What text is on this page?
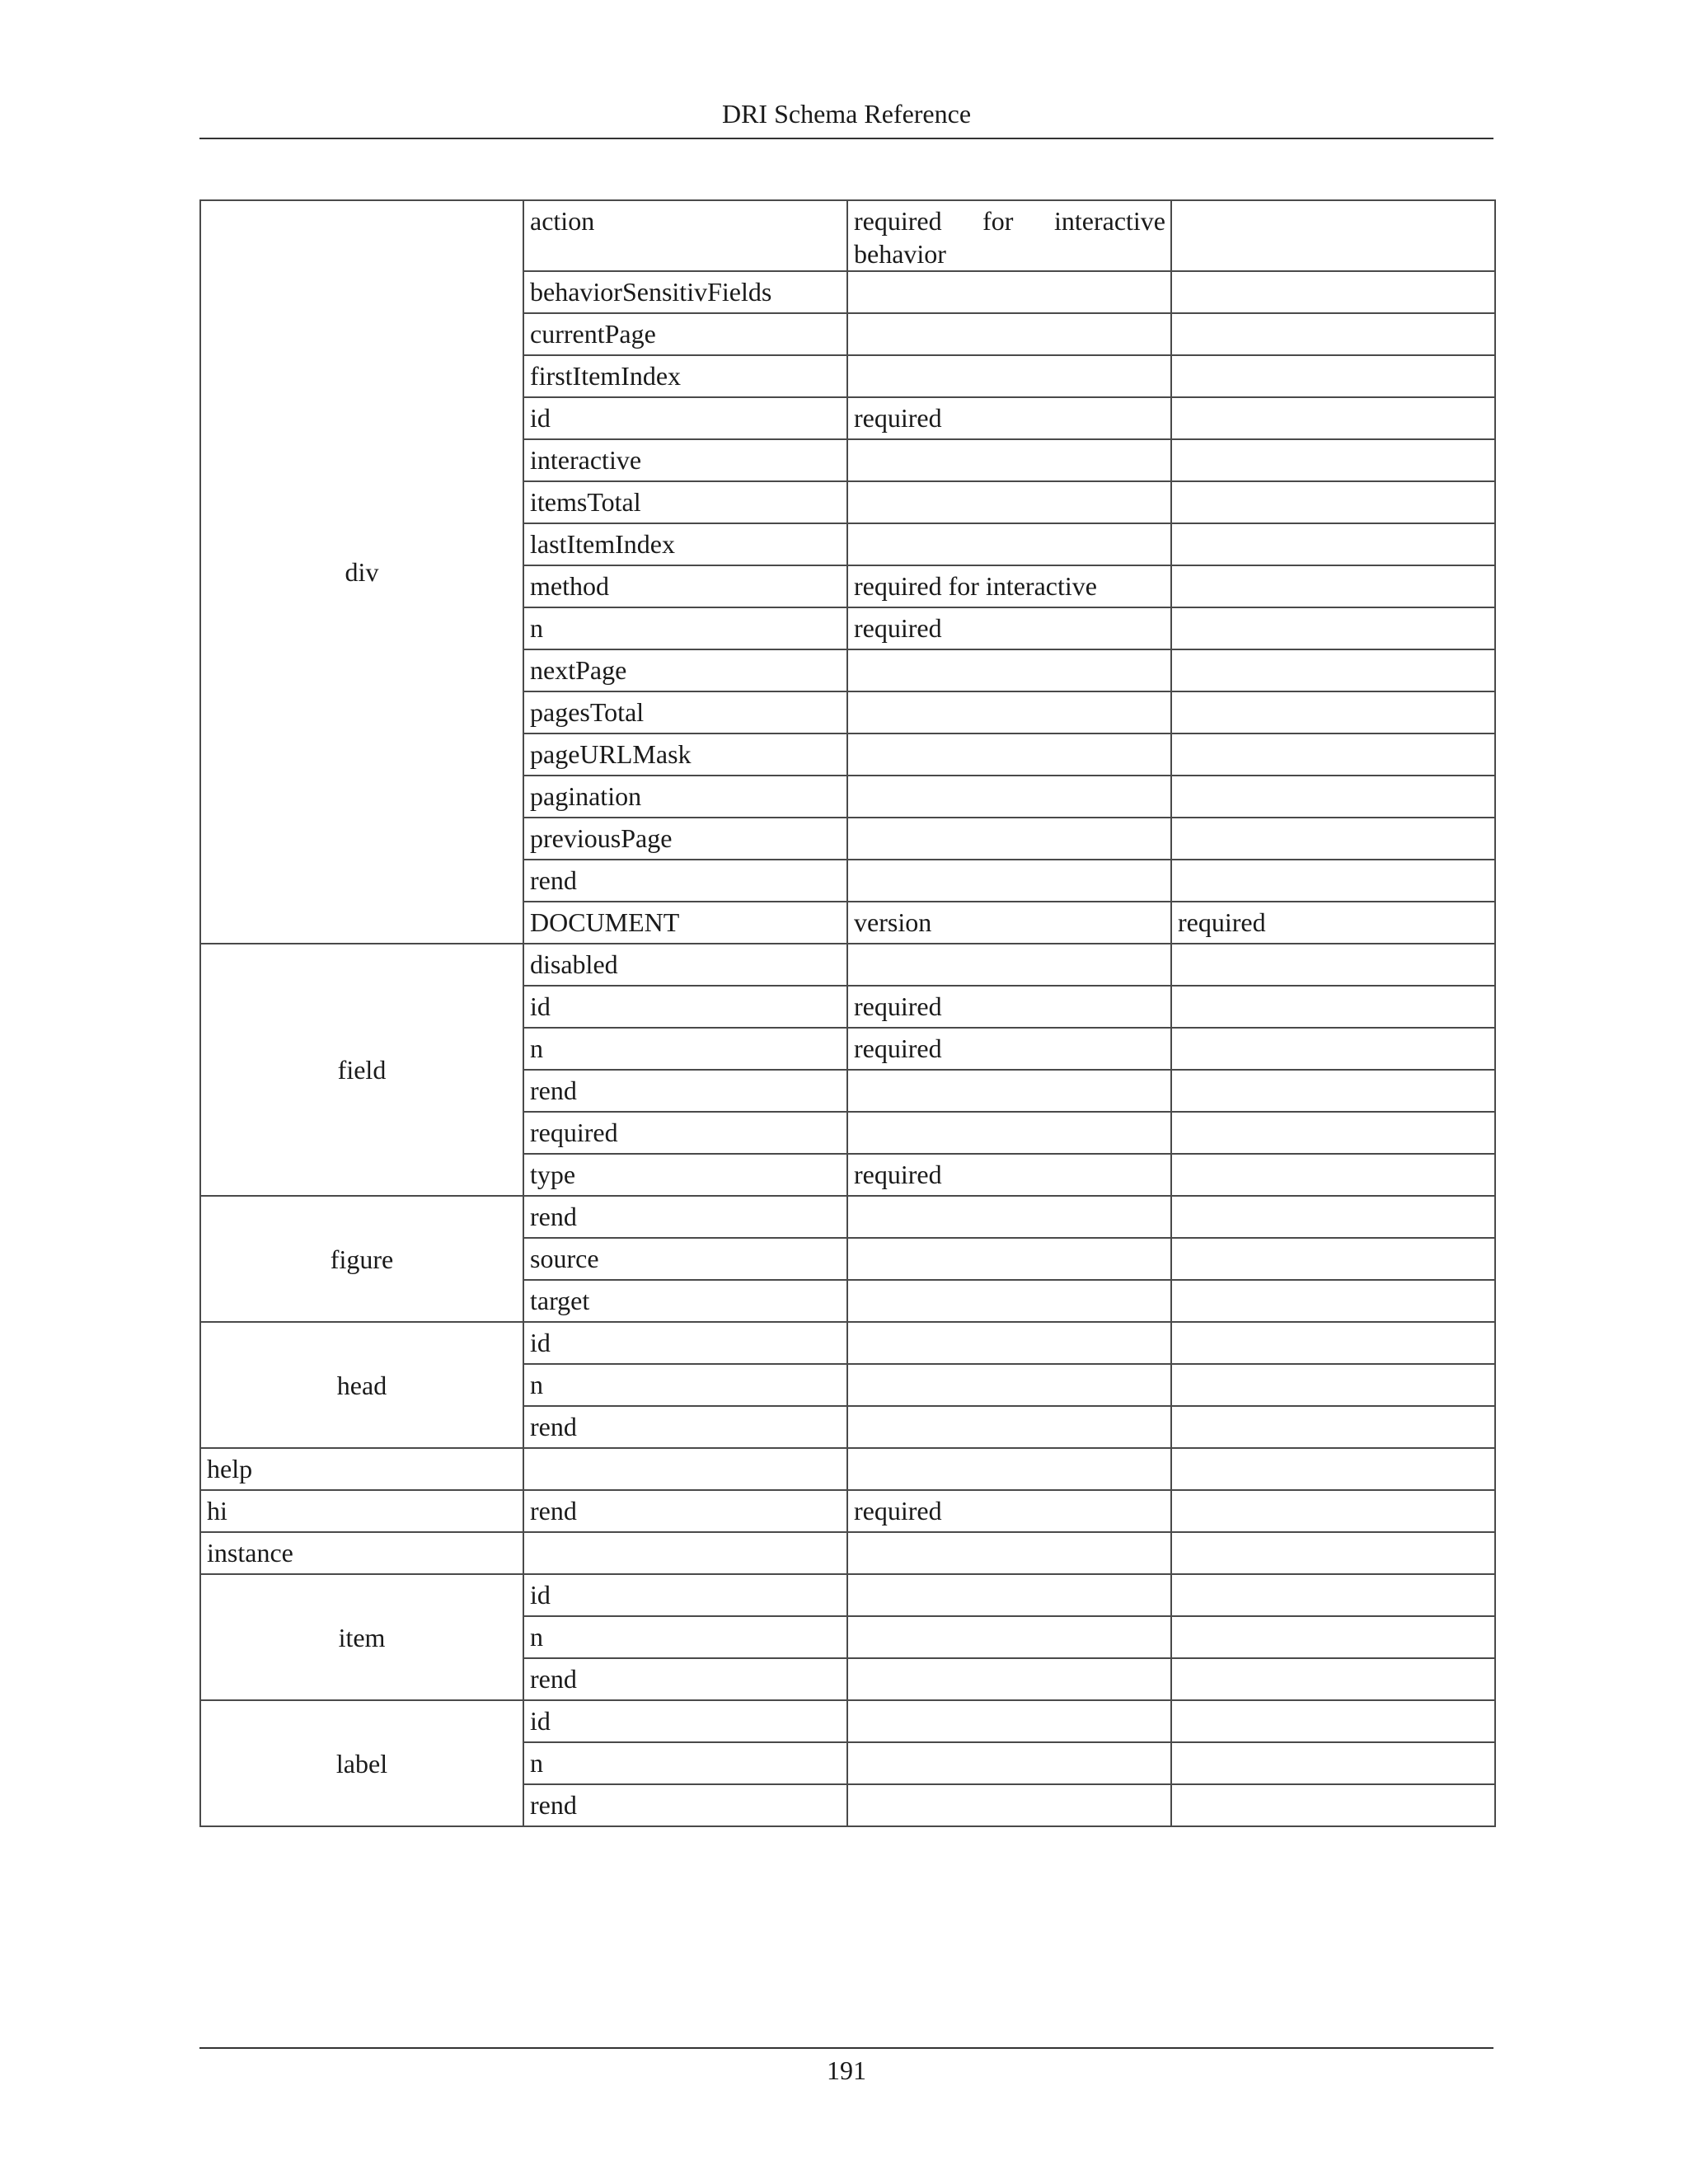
DRI Schema Reference
div	action	required for interactive behavior	
	behaviorSensitivFields		
	currentPage		
	firstItemIndex		
	id	required	
	interactive		
	itemsTotal		
	lastItemIndex		
	method	required for interactive	
	n	required	
	nextPage		
	pagesTotal		
	pageURLMask		
	pagination		
	previousPage		
	rend		
	DOCUMENT	version	required
field	disabled		
	id	required	
	n	required	
	rend		
	required		
	type	required	
figure	rend		
	source		
	target		
head	id		
	n		
	rend		
help			
hi	rend	required	
instance			
item	id		
	n		
	rend		
label	id		
	n		
	rend		
191
